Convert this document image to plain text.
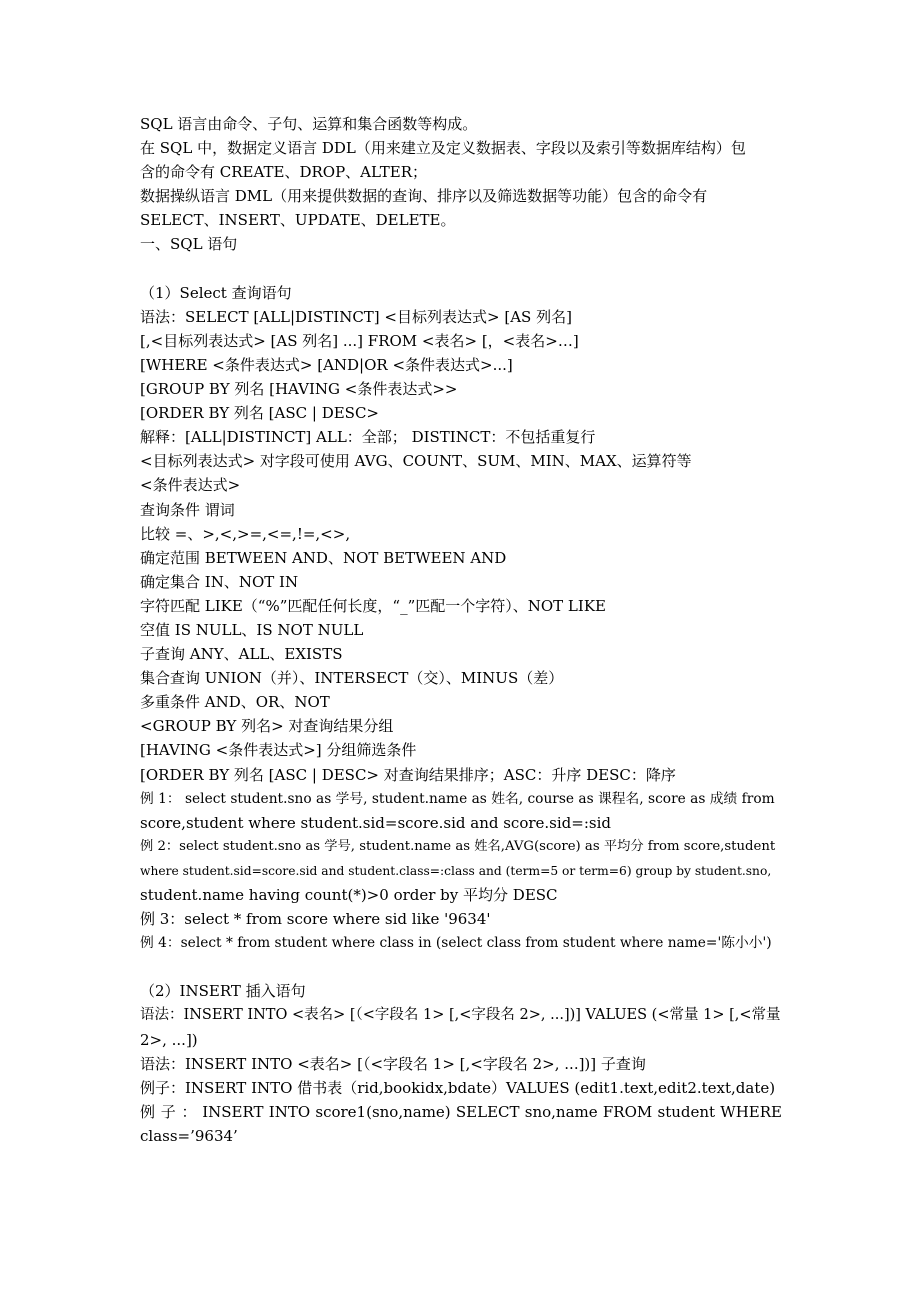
SQL 语言由命令、子句、运算和集合函数等构成。
在 SQL 中，数据定义语言 DDL（用来建立及定义数据表、字段以及索引等数据库结构）包
含的命令有 CREATE、DROP、ALTER；
数据操纵语言 DML（用来提供数据的查询、排序以及筛选数据等功能）包含的命令有
SELECT、INSERT、UPDATE、DELETE。
一、SQL 语句
（1）Select 查询语句
语法：SELECT [ALL|DISTINCT] <目标列表达式> [AS 列名]
[,<目标列表达式> [AS 列名] ...] FROM <表名> [，<表名>…]
[WHERE <条件表达式> [AND|OR <条件表达式>...]
[GROUP BY 列名 [HAVING <条件表达式>>
[ORDER BY 列名 [ASC | DESC>
解释：[ALL|DISTINCT] ALL：全部； DISTINCT：不包括重复行
<目标列表达式> 对字段可使用 AVG、COUNT、SUM、MIN、MAX、运算符等
<条件表达式>
查询条件 谓词
比较 =、>,<,>=,<=,!=,<>,
确定范围 BETWEEN AND、NOT BETWEEN AND
确定集合 IN、NOT IN
字符匹配 LIKE（“%”匹配任何长度，“_”匹配一个字符）、NOT LIKE
空值 IS NULL、IS NOT NULL
子查询 ANY、ALL、EXISTS
集合查询 UNION（并）、INTERSECT（交）、MINUS（差）
多重条件 AND、OR、NOT
<GROUP BY 列名> 对查询结果分组
[HAVING <条件表达式>] 分组筛选条件
[ORDER BY 列名 [ASC | DESC> 对查询结果排序；ASC：升序 DESC：降序
例 1： select student.sno as 学号, student.name as 姓名, course as 课程名, score as 成绩 from
score,student where student.sid=score.sid and score.sid=:sid
例 2：select student.sno as 学号, student.name as 姓名,AVG(score) as 平均分 from score,student
where student.sid=score.sid and student.class=:class and (term=5 or term=6) group by student.sno,
student.name having count(*)>0 order by 平均分 DESC
例 3：select * from score where sid like '9634'
例 4：select * from student where class in (select class from student where name='陈小小')
（2）INSERT 插入语句
语法：INSERT INTO <表名> [（<字段名 1> [,<字段名 2>, ...])] VALUES (<常量 1> [,<常量
2>, ...])
语法：INSERT INTO <表名> [（<字段名 1> [,<字段名 2>, ...])] 子查询
例子：INSERT INTO 借书表（rid,bookidx,bdate）VALUES (edit1.text,edit2.text,date)
例 子 ： INSERT INTO score1(sno,name) SELECT sno,name FROM student WHERE
class=’9634’
